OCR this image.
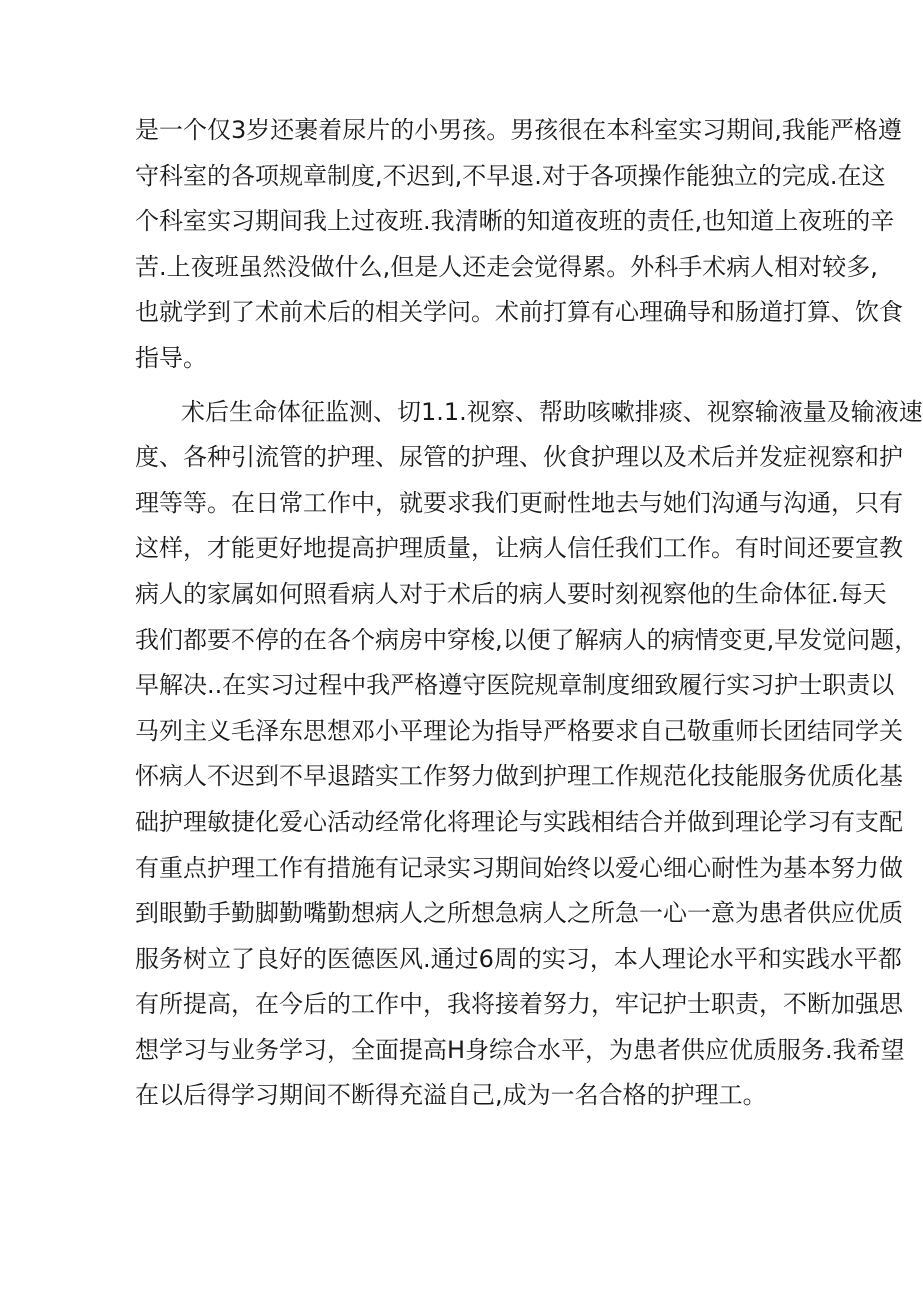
是一个仅3岁还裹着尿片的小男孩。男孩很在本科室实习期间,我能严格遵
守科室的各项规章制度,不迟到,不早退.对于各项操作能独立的完成.在这
个科室实习期间我上过夜班.我清晰的知道夜班的责任,也知道上夜班的辛
苦.上夜班虽然没做什么,但是人还走会觉得累。外科手术病人相对较多,
也就学到了术前术后的相关学问。术前打算有心理确导和肠道打算、饮食
指导。
术后生命体征监测、切1.1.视察、帮助咳嗽排痰、视察输液量及输液速
度、各种引流管的护理、尿管的护理、伙食护理以及术后并发症视察和护
理等等。在日常工作中，就要求我们更耐性地去与她们沟通与沟通，只有
这样，才能更好地提高护理质量，让病人信任我们工作。有时间还要宣教
病人的家属如何照看病人对于术后的病人要时刻视察他的生命体征.每天
我们都要不停的在各个病房中穿梭,以便了解病人的病情变更,早发觉问题，
早解决..在实习过程中我严格遵守医院规章制度细致履行实习护士职责以
马列主义毛泽东思想邓小平理论为指导严格要求自己敬重师长团结同学关
怀病人不迟到不早退踏实工作努力做到护理工作规范化技能服务优质化基
础护理敏捷化爱心活动经常化将理论与实践相结合并做到理论学习有支配
有重点护理工作有措施有记录实习期间始终以爱心细心耐性为基本努力做
到眼勤手勤脚勤嘴勤想病人之所想急病人之所急一心一意为患者供应优质
服务树立了良好的医德医风.通过6周的实习，本人理论水平和实践水平都
有所提高，在今后的工作中，我将接着努力，牢记护士职责，不断加强思
想学习与业务学习，全面提高H身综合水平，为患者供应优质服务.我希望
在以后得学习期间不断得充溢自己,成为一名合格的护理工。
